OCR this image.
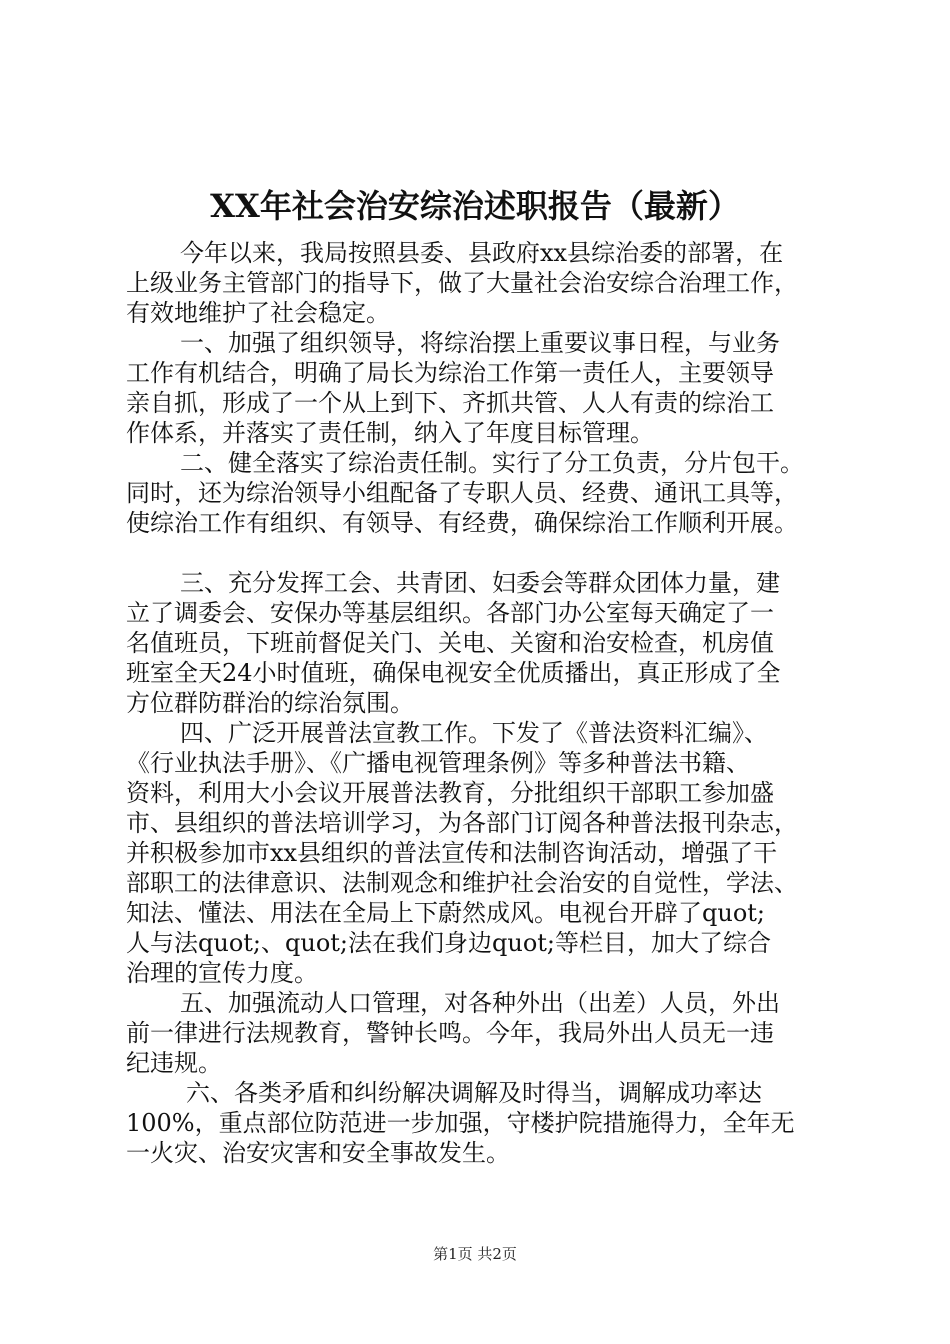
XX年社会治安综治述职报告（最新）
今年以来，我局按照县委、县政府xx县综治委的部署，在
上级业务主管部门的指导下，做了大量社会治安综合治理工作，
有效地维护了社会稳定。
一、加强了组织领导，将综治摆上重要议事日程，与业务
工作有机结合，明确了局长为综治工作第一责任人，主要领导
亲自抓，形成了一个从上到下、齐抓共管、人人有责的综治工
作体系，并落实了责任制，纳入了年度目标管理。
二、健全落实了综治责任制。实行了分工负责，分片包干。
同时，还为综治领导小组配备了专职人员、经费、通讯工具等，
使综治工作有组织、有领导、有经费，确保综治工作顺利开展。
三、充分发挥工会、共青团、妇委会等群众团体力量，建
立了调委会、安保办等基层组织。各部门办公室每天确定了一
名值班员，下班前督促关门、关电、关窗和治安检查，机房值
班室全天24小时值班，确保电视安全优质播出，真正形成了全
方位群防群治的综治氛围。
四、广泛开展普法宣教工作。下发了《普法资料汇编》、
《行业执法手册》、《广播电视管理条例》等多种普法书籍、
资料，利用大小会议开展普法教育，分批组织干部职工参加盛
市、县组织的普法培训学习，为各部门订阅各种普法报刊杂志，
并积极参加市xx县组织的普法宣传和法制咨询活动，增强了干
部职工的法律意识、法制观念和维护社会治安的自觉性，学法、
知法、懂法、用法在全局上下蔚然成风。电视台开辟了quot;
人与法quot;、quot;法在我们身边quot;等栏目，加大了综合
治理的宣传力度。
五、加强流动人口管理，对各种外出（出差）人员，外出
前一律进行法规教育，警钟长鸣。今年，我局外出人员无一违
纪违规。
六、各类矛盾和纠纷解决调解及时得当，调解成功率达
100%，重点部位防范进一步加强，守楼护院措施得力，全年无
一火灾、治安灾害和安全事故发生。
第1页 共2页
